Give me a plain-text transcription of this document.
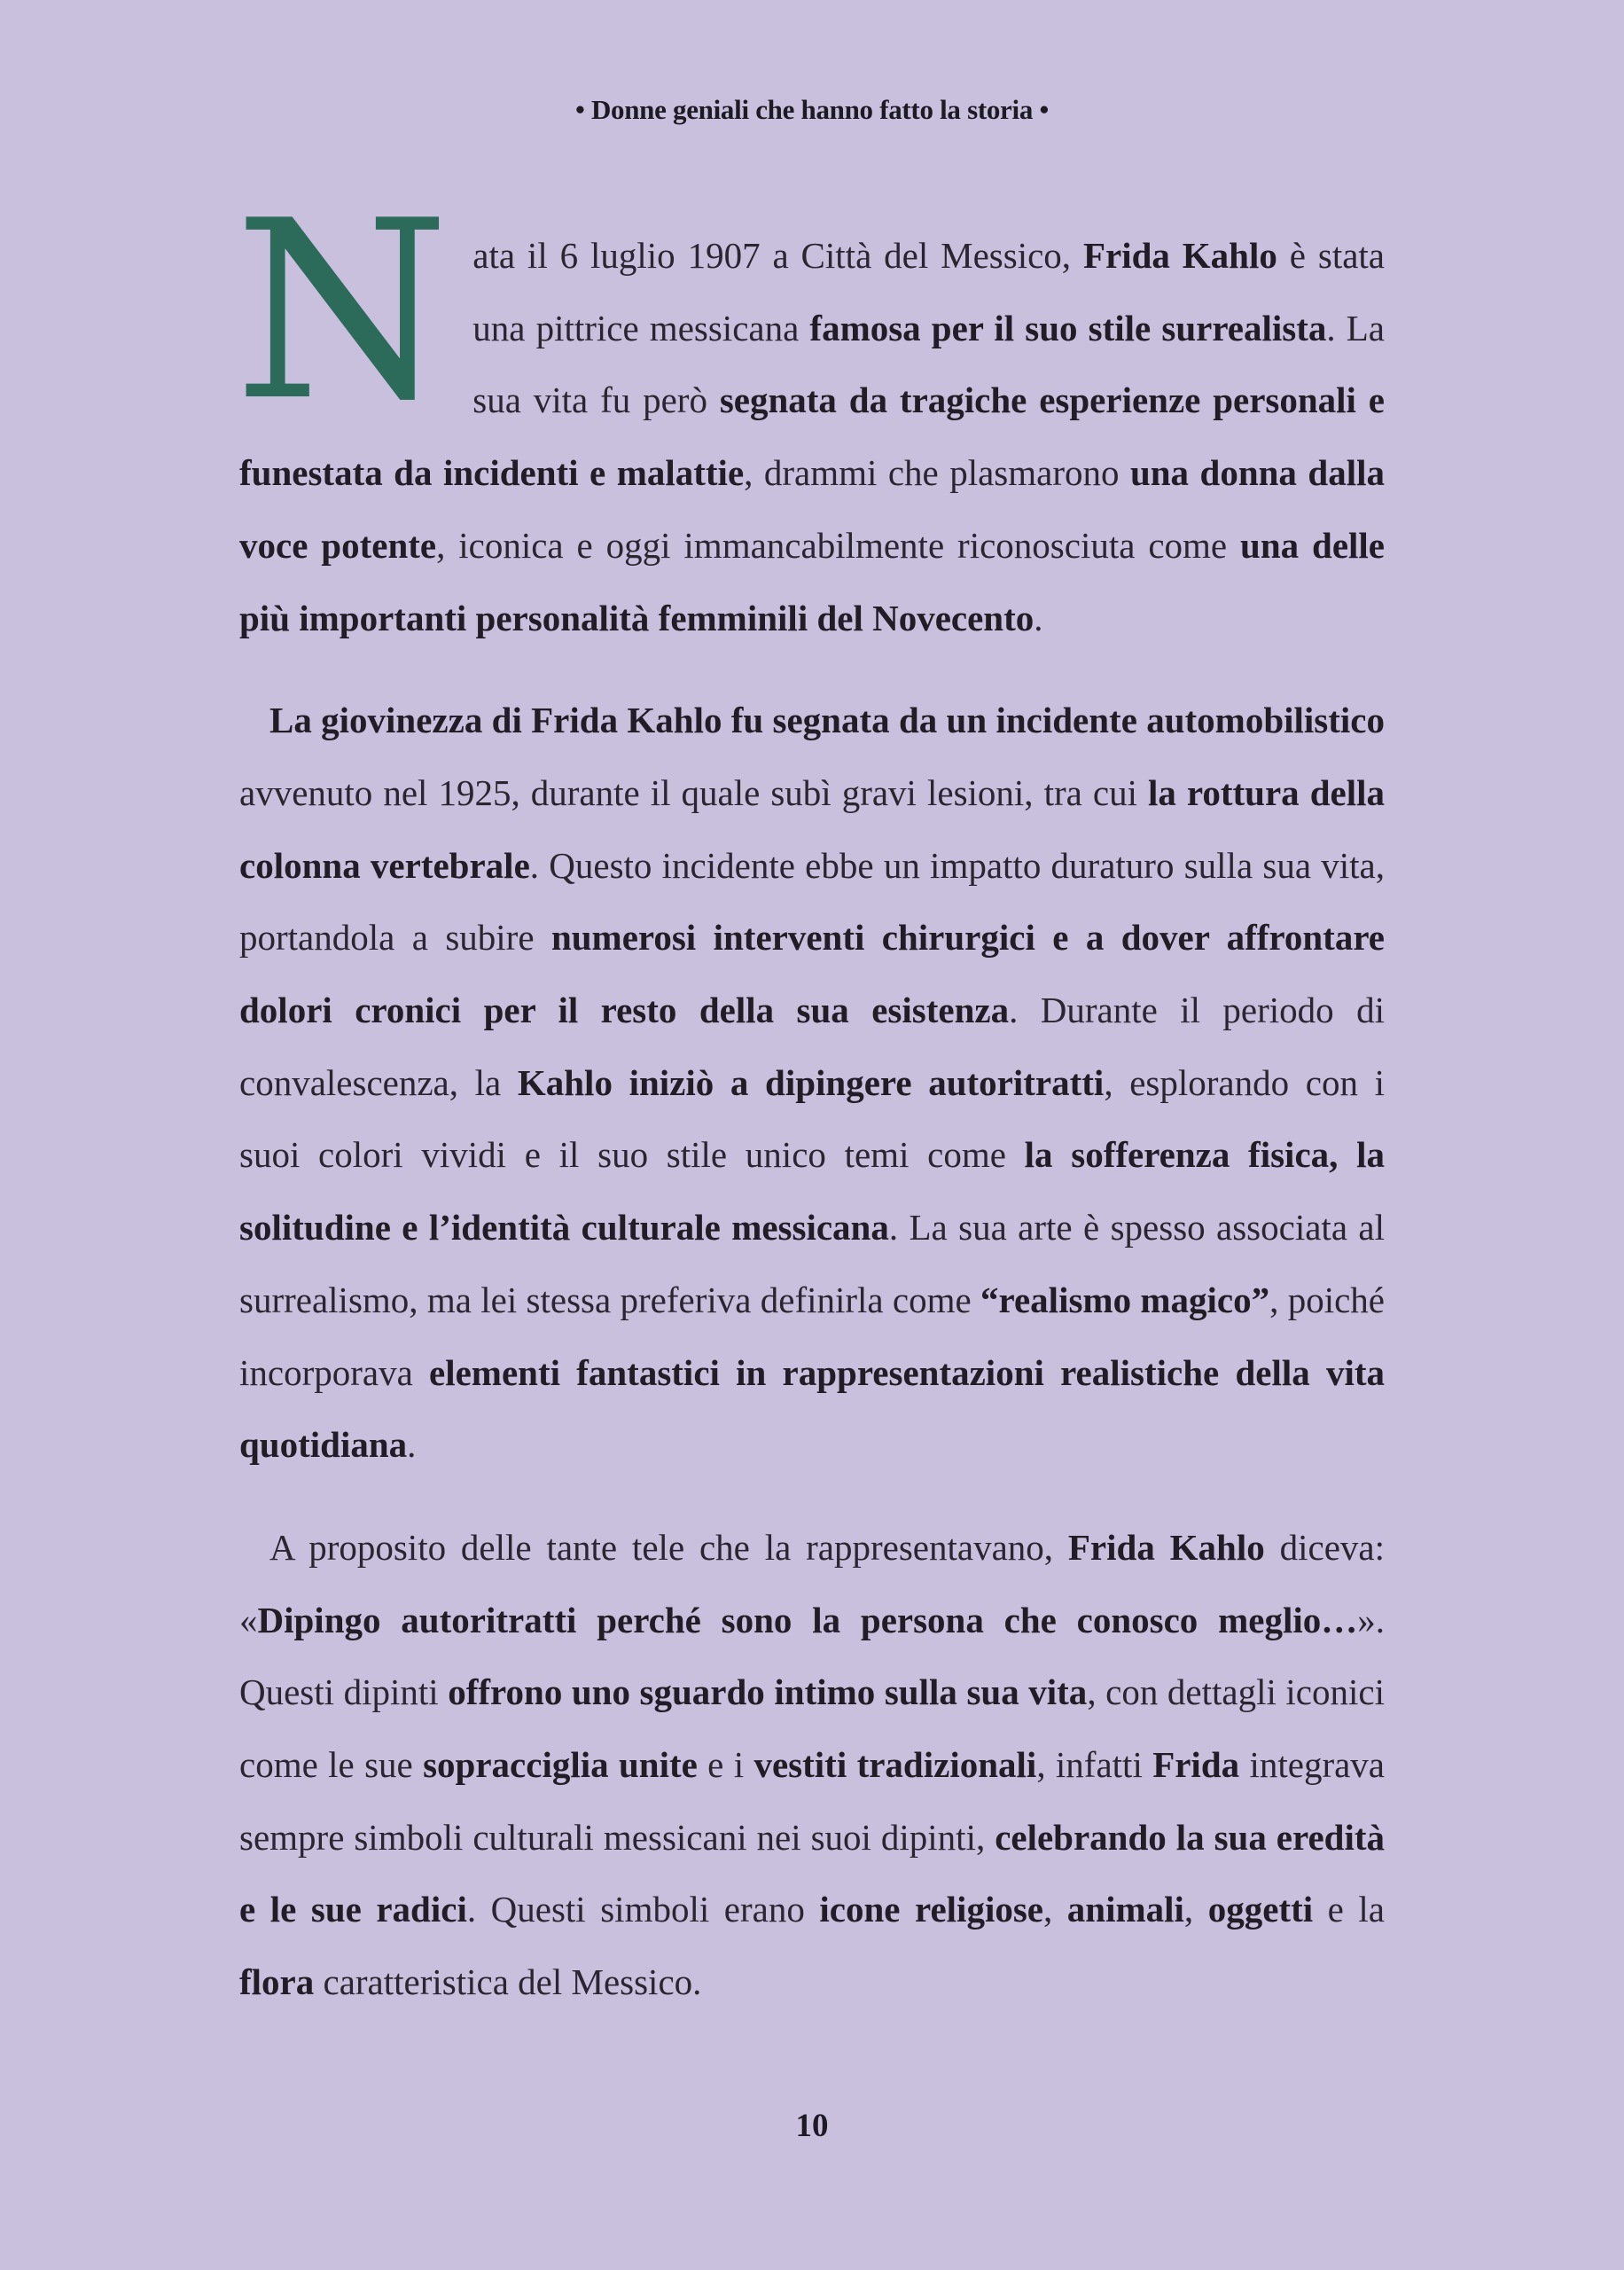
• Donne geniali che hanno fatto la storia •

Nata il 6 luglio 1907 a Città del Messico, Frida Kahlo è stata una pittrice messicana famosa per il suo stile surrealista. La sua vita fu però segnata da tragiche esperienze personali e funestata da incidenti e malattie, drammi che plasmarono una donna dalla voce potente, iconica e oggi immancabilmente riconosciuta come una delle più importanti personalità femminili del Novecento.

La giovinezza di Frida Kahlo fu segnata da un incidente automobilistico avvenuto nel 1925, durante il quale subì gravi lesioni, tra cui la rottura della colonna vertebrale. Questo incidente ebbe un impatto duraturo sulla sua vita, portandola a subire numerosi interventi chirurgici e a dover affrontare dolori cronici per il resto della sua esistenza. Durante il periodo di convalescenza, la Kahlo iniziò a dipingere autoritratti, esplorando con i suoi colori vividi e il suo stile unico temi come la sofferenza fisica, la solitudine e l’identità culturale messicana. La sua arte è spesso associata al surrealismo, ma lei stessa preferiva definirla come “realismo magico”, poiché incorporava elementi fantastici in rappresentazioni realistiche della vita quotidiana.

A proposito delle tante tele che la rappresentavano, Frida Kahlo diceva: «Dipingo autoritratti perché sono la persona che conosco meglio…». Questi dipinti offrono uno sguardo intimo sulla sua vita, con dettagli iconici come le sue sopracciglia unite e i vestiti tradizionali, infatti Frida integrava sempre simboli culturali messicani nei suoi dipinti, celebrando la sua eredità e le sue radici. Questi simboli erano icone religiose, animali, oggetti e la flora caratteristica del Messico.

10
